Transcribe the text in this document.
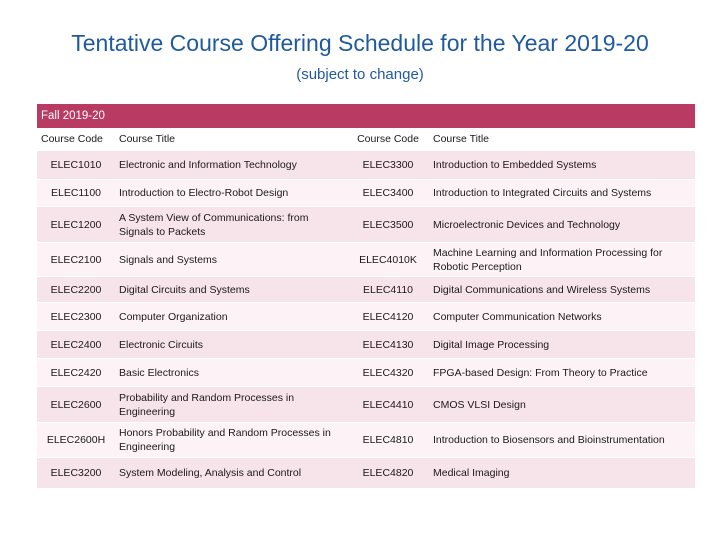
Tentative Course Offering Schedule for the Year 2019-20
(subject to change)
Fall 2019-20			
Course Code	Course Title	Course Code	Course Title
ELEC1010	Electronic and Information Technology	ELEC3300	Introduction to Embedded Systems
ELEC1100	Introduction to Electro-Robot Design	ELEC3400	Introduction to Integrated Circuits and Systems
ELEC1200	A System View of Communications: from Signals to Packets	ELEC3500	Microelectronic Devices and Technology
ELEC2100	Signals and Systems	ELEC4010K	Machine Learning and Information Processing for Robotic Perception
ELEC2200	Digital Circuits and Systems	ELEC4110	Digital Communications and Wireless Systems
ELEC2300	Computer Organization	ELEC4120	Computer Communication Networks
ELEC2400	Electronic Circuits	ELEC4130	Digital Image Processing
ELEC2420	Basic Electronics	ELEC4320	FPGA-based Design: From Theory to Practice
ELEC2600	Probability and Random Processes in Engineering	ELEC4410	CMOS VLSI Design
ELEC2600H	Honors Probability and Random Processes in Engineering	ELEC4810	Introduction to Biosensors and Bioinstrumentation
ELEC3200	System Modeling, Analysis and Control	ELEC4820	Medical Imaging
